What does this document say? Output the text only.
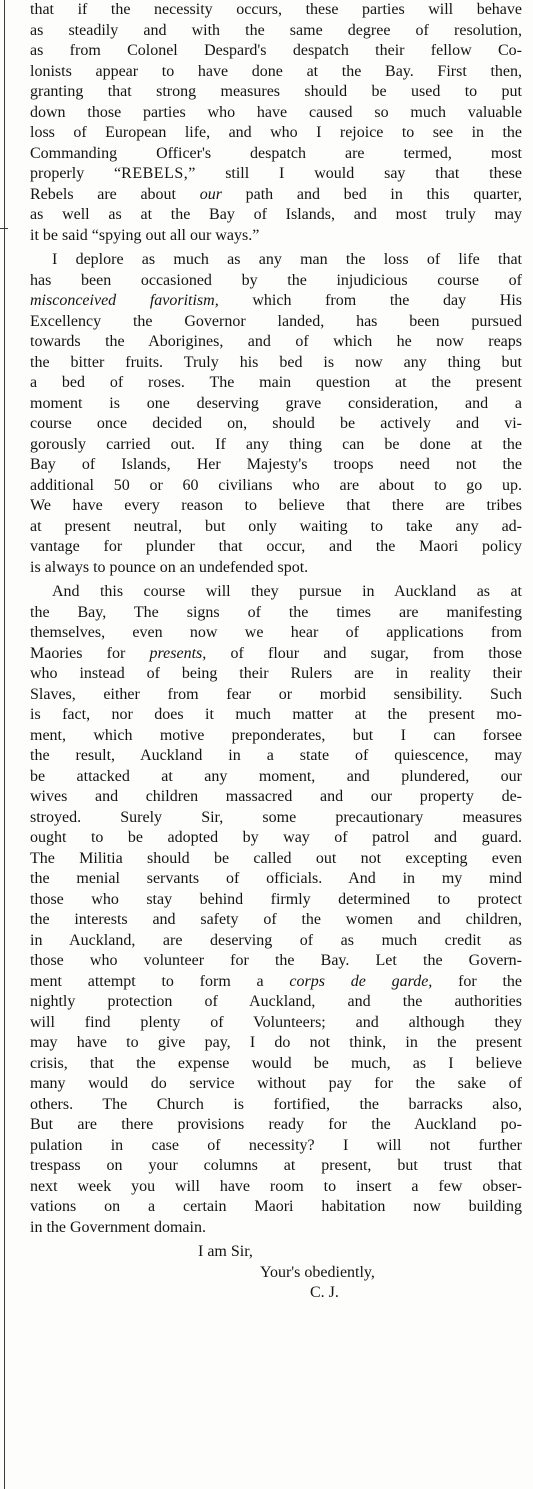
that if the necessity occurs, these parties will behave
as steadily and with the same degree of resolution,
as from Colonel Despard's despatch their fellow Co-
lonists appear to have done at the Bay. First then,
granting that strong measures should be used to put
down those parties who have caused so much valuable
loss of European life, and who I rejoice to see in the
Commanding Officer's despatch are termed, most
properly “REBELS,” still I would say that these
Rebels are about our path and bed in this quarter,
as well as at the Bay of Islands, and most truly may
it be said “spying out all our ways.”
I deplore as much as any man the loss of life that
has been occasioned by the injudicious course of
misconceived favoritism, which from the day His
Excellency the Governor landed, has been pursued
towards the Aborigines, and of which he now reaps
the bitter fruits. Truly his bed is now any thing but
a bed of roses. The main question at the present
moment is one deserving grave consideration, and a
course once decided on, should be actively and vi-
gorously carried out. If any thing can be done at the
Bay of Islands, Her Majesty's troops need not the
additional 50 or 60 civilians who are about to go up.
We have every reason to believe that there are tribes
at present neutral, but only waiting to take any ad-
vantage for plunder that occur, and the Maori policy
is always to pounce on an undefended spot.
And this course will they pursue in Auckland as at
the Bay, The signs of the times are manifesting
themselves, even now we hear of applications from
Maories for presents, of flour and sugar, from those
who instead of being their Rulers are in reality their
Slaves, either from fear or morbid sensibility. Such
is fact, nor does it much matter at the present mo-
ment, which motive preponderates, but I can forsee
the result, Auckland in a state of quiescence, may
be attacked at any moment, and plundered, our
wives and children massacred and our property de-
stroyed. Surely Sir, some precautionary measures
ought to be adopted by way of patrol and guard.
The Militia should be called out not excepting even
the menial servants of officials. And in my mind
those who stay behind firmly determined to protect
the interests and safety of the women and children,
in Auckland, are deserving of as much credit as
those who volunteer for the Bay. Let the Govern-
ment attempt to form a corps de garde, for the
nightly protection of Auckland, and the authorities
will find plenty of Volunteers; and although they
may have to give pay, I do not think, in the present
crisis, that the expense would be much, as I believe
many would do service without pay for the sake of
others. The Church is fortified, the barracks also,
But are there provisions ready for the Auckland po-
pulation in case of necessity? I will not further
trespass on your columns at present, but trust that
next week you will have room to insert a few obser-
vations on a certain Maori habitation now building
in the Government domain.
I am Sir,
Your's obediently,
C. J.
